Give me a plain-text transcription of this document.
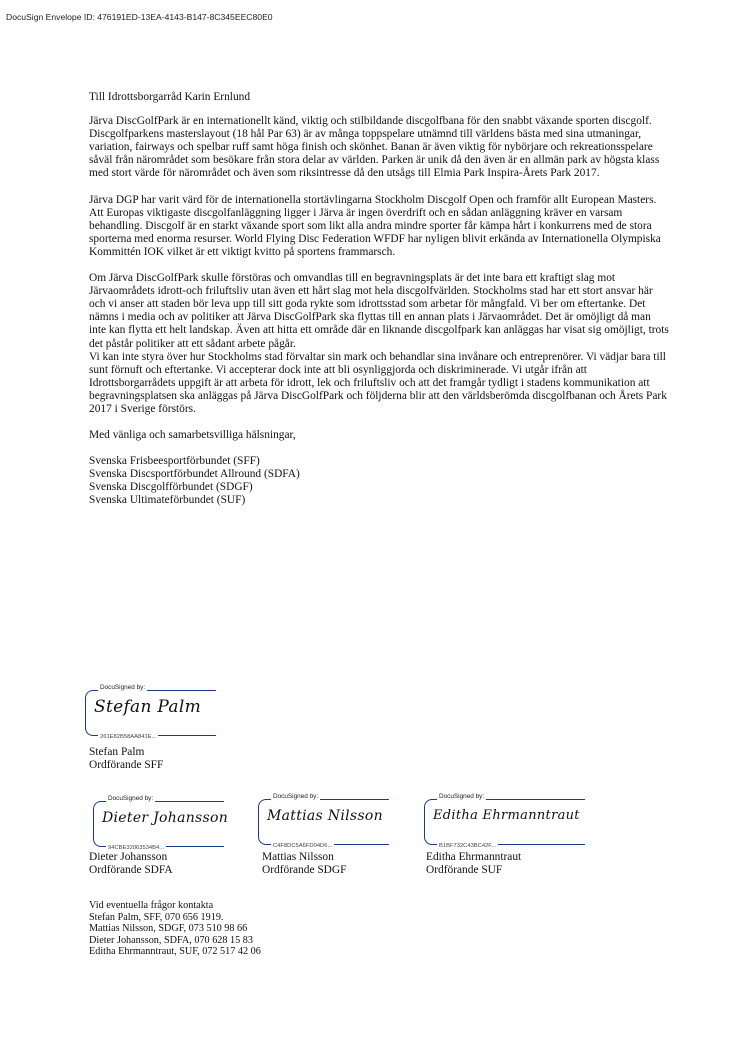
DocuSign Envelope ID: 476191ED-13EA-4143-B147-8C345EEC80E0

Till Idrottsborgarråd Karin Ernlund

Järva DiscGolfPark är en internationellt känd, viktig och stilbildande discgolfbana för den snabbt växande sporten discgolf. Discgolfparkens masterslayout (18 hål Par 63) är av många toppspelare utnämnd till världens bästa med sina utmaningar, variation, fairways och spelbar ruff samt höga finish och skönhet. Banan är även viktig för nybörjare och rekreationsspelare såväl från närområdet som besökare från stora delar av världen. Parken är unik då den även är en allmän park av högsta klass med stort värde för närområdet och även som riksintresse då den utsågs till Elmia Park Inspira-Årets Park 2017.

Järva DGP har varit värd för de internationella stortävlingarna Stockholm Discgolf Open och framför allt European Masters. Att Europas viktigaste discgolfanläggning ligger i Järva är ingen överdrift och en sådan anläggning kräver en varsam behandling. Discgolf är en starkt växande sport som likt alla andra mindre sporter får kämpa hårt i konkurrens med de stora sporterna med enorma resurser. World Flying Disc Federation WFDF har nyligen blivit erkända av Internationella Olympiska Kommittén IOK vilket är ett viktigt kvitto på sportens frammarsch.

Om Järva DiscGolfPark skulle förstöras och omvandlas till en begravningsplats är det inte bara ett kraftigt slag mot Järvaområdets idrott-och friluftsliv utan även ett hårt slag mot hela discgolfvärlden. Stockholms stad har ett stort ansvar här och vi anser att staden bör leva upp till sitt goda rykte som idrottsstad som arbetar för mångfald. Vi ber om eftertanke. Det nämns i media och av politiker att Järva DiscGolfPark ska flyttas till en annan plats i Järvaområdet. Det är omöjligt då man inte kan flytta ett helt landskap. Även att hitta ett område där en liknande discgolfpark kan anläggas har visat sig omöjligt, trots det påstår politiker att ett sådant arbete pågår.
Vi kan inte styra över hur Stockholms stad förvaltar sin mark och behandlar sina invånare och entreprenörer. Vi vädjar bara till sunt förnuft och eftertanke. Vi accepterar dock inte att bli osynliggjorda och diskriminerade. Vi utgår ifrån att Idrottsborgarrådets uppgift är att arbeta för idrott, lek och friluftsliv och att det framgår tydligt i stadens kommunikation att begravningsplatsen ska anläggas på Järva DiscGolfPark och följderna blir att den världsberömda discgolfbanan och Årets Park 2017 i Sverige förstörs.

Med vänliga och samarbetsvilliga hälsningar,

Svenska Frisbeesportförbundet (SFF)
Svenska Discsportförbundet Allround (SDFA)
Svenska Discgolfförbundet (SDGF)
Svenska Ultimateförbundet (SUF)

DocuSigned by:
Stefan Palm
261E82B58AA841E...
Stefan Palm
Ordförande SFF
DocuSigned by:
Dieter Johansson
94CBE32063534B4...
Dieter Johansson
Ordförande SDFA
DocuSigned by:
Mattias Nilsson
C4F8DC5A6FD04D6...
Mattias Nilsson
Ordförande SDGF
DocuSigned by:
Editha Ehrmanntraut
B1BF732C43BC42F...
Editha Ehrmanntraut
Ordförande SUF
Vid eventuella frågor kontakta
Stefan Palm, SFF, 070 656 1919.
Mattias Nilsson, SDGF, 073 510 98 66
Dieter Johansson, SDFA, 070 628 15 83
Editha Ehrmanntraut, SUF, 072 517 42 06
